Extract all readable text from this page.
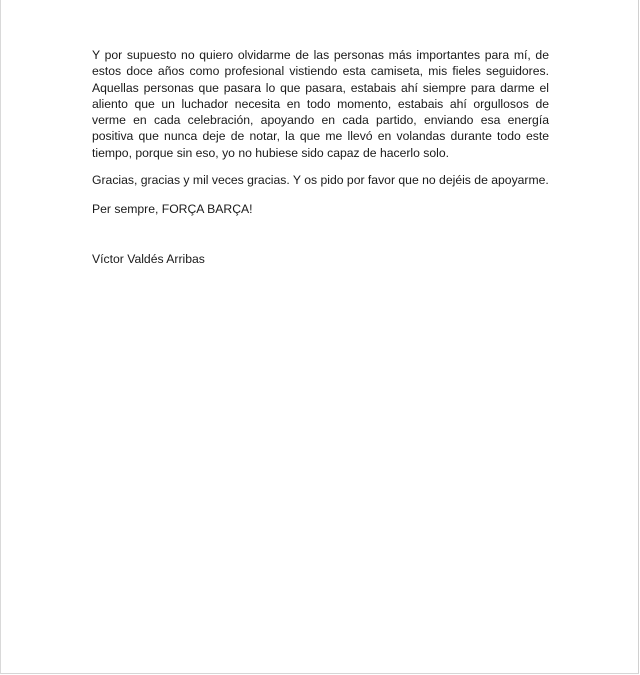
Y por supuesto no quiero olvidarme de las personas más importantes para mí, de estos doce años como profesional vistiendo esta camiseta, mis fieles seguidores. Aquellas personas que pasara lo que pasara, estabais ahí siempre para darme el aliento que un luchador necesita en todo momento, estabais ahí orgullosos de verme en cada celebración, apoyando en cada partido, enviando esa energía positiva que nunca deje de notar, la que me llevó en volandas durante todo este tiempo, porque sin eso, yo no hubiese sido capaz de hacerlo solo.

Gracias, gracias y mil veces gracias. Y os pido por favor que no dejéis de apoyarme.

Per sempre, FORÇA BARÇA!

Víctor Valdés Arribas
